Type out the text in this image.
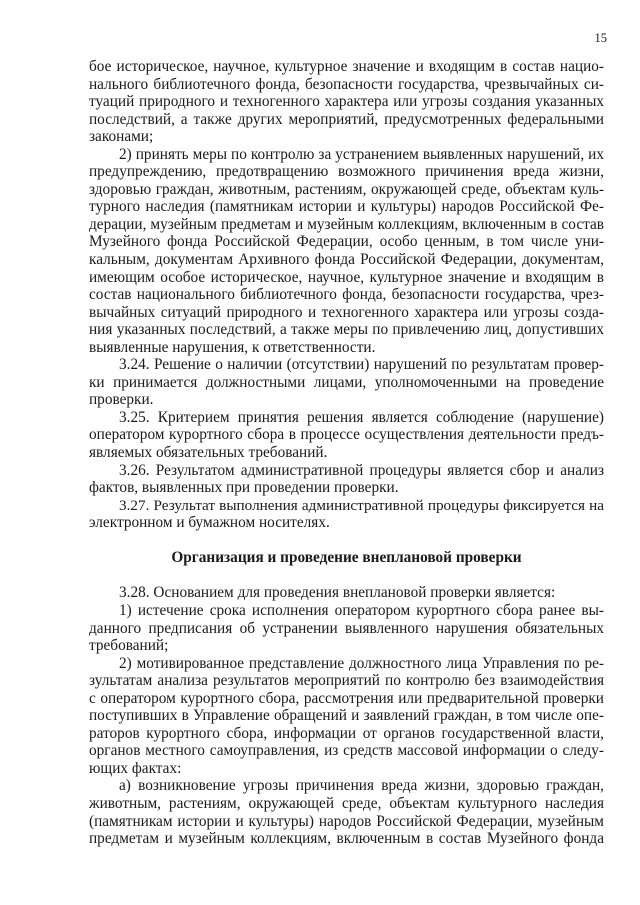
15
бое историческое, научное, культурное значение и входящим в состав нацио-
нального библиотечного фонда, безопасности государства, чрезвычайных си-
туаций природного и техногенного характера или угрозы создания указанных
последствий, а также других мероприятий, предусмотренных федеральными
законами;
2) принять меры по контролю за устранением выявленных нарушений, их
предупреждению, предотвращению возможного причинения вреда жизни,
здоровью граждан, животным, растениям, окружающей среде, объектам куль-
турного наследия (памятникам истории и культуры) народов Российской Фе-
дерации, музейным предметам и музейным коллекциям, включенным в состав
Музейного фонда Российской Федерации, особо ценным, в том числе уни-
кальным, документам Архивного фонда Российской Федерации, документам,
имеющим особое историческое, научное, культурное значение и входящим в
состав национального библиотечного фонда, безопасности государства, чрез-
вычайных ситуаций природного и техногенного характера или угрозы созда-
ния указанных последствий, а также меры по привлечению лиц, допустивших
выявленные нарушения, к ответственности.
3.24. Решение о наличии (отсутствии) нарушений по результатам провер-
ки принимается должностными лицами, уполномоченными на проведение
проверки.
3.25. Критерием принятия решения является соблюдение (нарушение)
оператором курортного сбора в процессе осуществления деятельности предъ-
являемых обязательных требований.
3.26. Результатом административной процедуры является сбор и анализ
фактов, выявленных при проведении проверки.
3.27. Результат выполнения административной процедуры фиксируется на
электронном и бумажном носителях.
Организация и проведение внеплановой проверки
3.28. Основанием для проведения внеплановой проверки является:
1) истечение срока исполнения оператором курортного сбора ранее вы-
данного предписания об устранении выявленного нарушения обязательных
требований;
2) мотивированное представление должностного лица Управления по ре-
зультатам анализа результатов мероприятий по контролю без взаимодействия
с оператором курортного сбора, рассмотрения или предварительной проверки
поступивших в Управление обращений и заявлений граждан, в том числе опе-
раторов курортного сбора, информации от органов государственной власти,
органов местного самоуправления, из средств массовой информации о следу-
ющих фактах:
а) возникновение угрозы причинения вреда жизни, здоровью граждан,
животным, растениям, окружающей среде, объектам культурного наследия
(памятникам истории и культуры) народов Российской Федерации, музейным
предметам и музейным коллекциям, включенным в состав Музейного фонда
